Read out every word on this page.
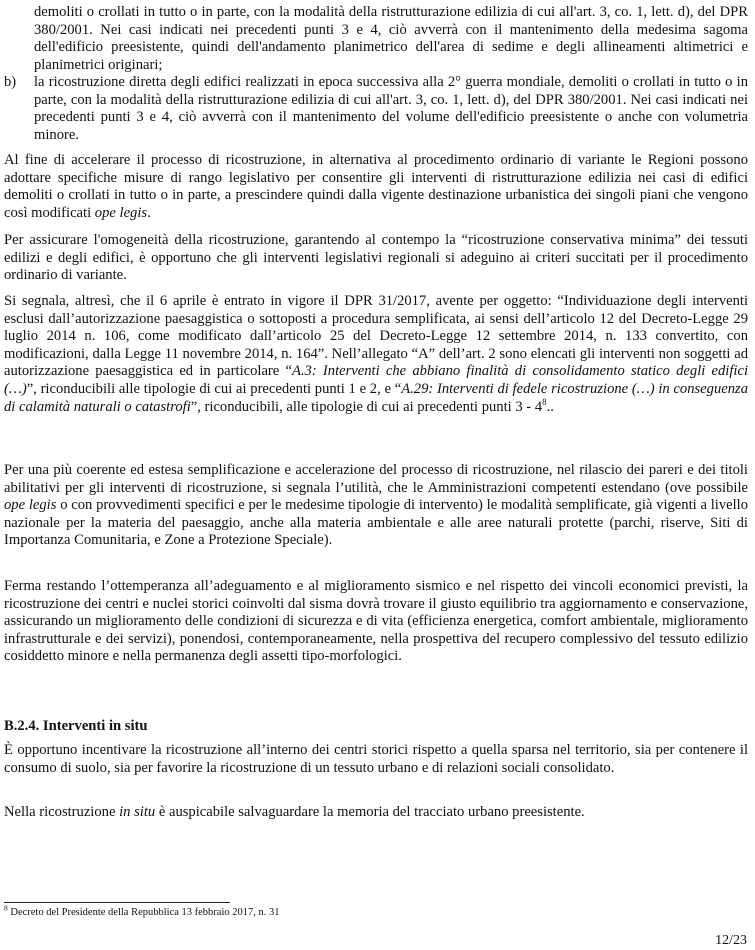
demoliti o crollati in tutto o in parte, con la modalità della ristrutturazione edilizia di cui all'art. 3, co. 1, lett. d), del DPR 380/2001. Nei casi indicati nei precedenti punti 3 e 4, ciò avverrà con il mantenimento della medesima sagoma dell'edificio preesistente, quindi dell'andamento planimetrico dell'area di sedime e degli allineamenti altimetrici e planimetrici originari;

b) la ricostruzione diretta degli edifici realizzati in epoca successiva alla 2° guerra mondiale, demoliti o crollati in tutto o in parte, con la modalità della ristrutturazione edilizia di cui all'art. 3, co. 1, lett. d), del DPR 380/2001. Nei casi indicati nei precedenti punti 3 e 4, ciò avverrà con il mantenimento del volume dell'edificio preesistente o anche con volumetria minore.

Al fine di accelerare il processo di ricostruzione, in alternativa al procedimento ordinario di variante le Regioni possono adottare specifiche misure di rango legislativo per consentire gli interventi di ristrutturazione edilizia nei casi di edifici demoliti o crollati in tutto o in parte, a prescindere quindi dalla vigente destinazione urbanistica dei singoli piani che vengono così modificati ope legis.

Per assicurare l'omogeneità della ricostruzione, garantendo al contempo la “ricostruzione conservativa minima” dei tessuti edilizi e degli edifici, è opportuno che gli interventi legislativi regionali si adeguino ai criteri succitati per il procedimento ordinario di variante.

Si segnala, altresì, che il 6 aprile è entrato in vigore il DPR 31/2017, avente per oggetto: “Individuazione degli interventi esclusi dall’autorizzazione paesaggistica o sottoposti a procedura semplificata, ai sensi dell’articolo 12 del Decreto-Legge 29 luglio 2014 n. 106, come modificato dall’articolo 25 del Decreto-Legge 12 settembre 2014, n. 133 convertito, con modificazioni, dalla Legge 11 novembre 2014, n. 164”. Nell’allegato “A” dell’art. 2 sono elencati gli interventi non soggetti ad autorizzazione paesaggistica ed in particolare “A.3: Interventi che abbiano finalità di consolidamento statico degli edifici (…)”, riconducibili alle tipologie di cui ai precedenti punti 1 e 2, e “A.29: Interventi di fedele ricostruzione (…) in conseguenza di calamità naturali o catastrofi”, riconducibili, alle tipologie di cui ai precedenti punti $3 - 4^8$..

Per una più coerente ed estesa semplificazione e accelerazione del processo di ricostruzione, nel rilascio dei pareri e dei titoli abilitativi per gli interventi di ricostruzione, si segnala l’utilità, che le Amministrazioni competenti estendano (ove possibile ope legis o con provvedimenti specifici e per le medesime tipologie di intervento) le modalità semplificate, già vigenti a livello nazionale per la materia del paesaggio, anche alla materia ambientale e alle aree naturali protette (parchi, riserve, Siti di Importanza Comunitaria, e Zone a Protezione Speciale).

Ferma restando l’ottemperanza all’adeguamento e al miglioramento sismico e nel rispetto dei vincoli economici previsti, la ricostruzione dei centri e nuclei storici coinvolti dal sisma dovrà trovare il giusto equilibrio tra aggiornamento e conservazione, assicurando un miglioramento delle condizioni di sicurezza e di vita (efficienza energetica, comfort ambientale, miglioramento infrastrutturale e dei servizi), ponendosi, contemporaneamente, nella prospettiva del recupero complessivo del tessuto edilizio cosiddetto minore e nella permanenza degli assetti tipo-morfologici.

B.2.4. Interventi in situ

È opportuno incentivare la ricostruzione all’interno dei centri storici rispetto a quella sparsa nel territorio, sia per contenere il consumo di suolo, sia per favorire la ricostruzione di un tessuto urbano e di relazioni sociali consolidato.

Nella ricostruzione in situ è auspicabile salvaguardare la memoria del tracciato urbano preesistente.

$^8$ Decreto del Presidente della Repubblica 13 febbraio 2017, n. 31
12/23
